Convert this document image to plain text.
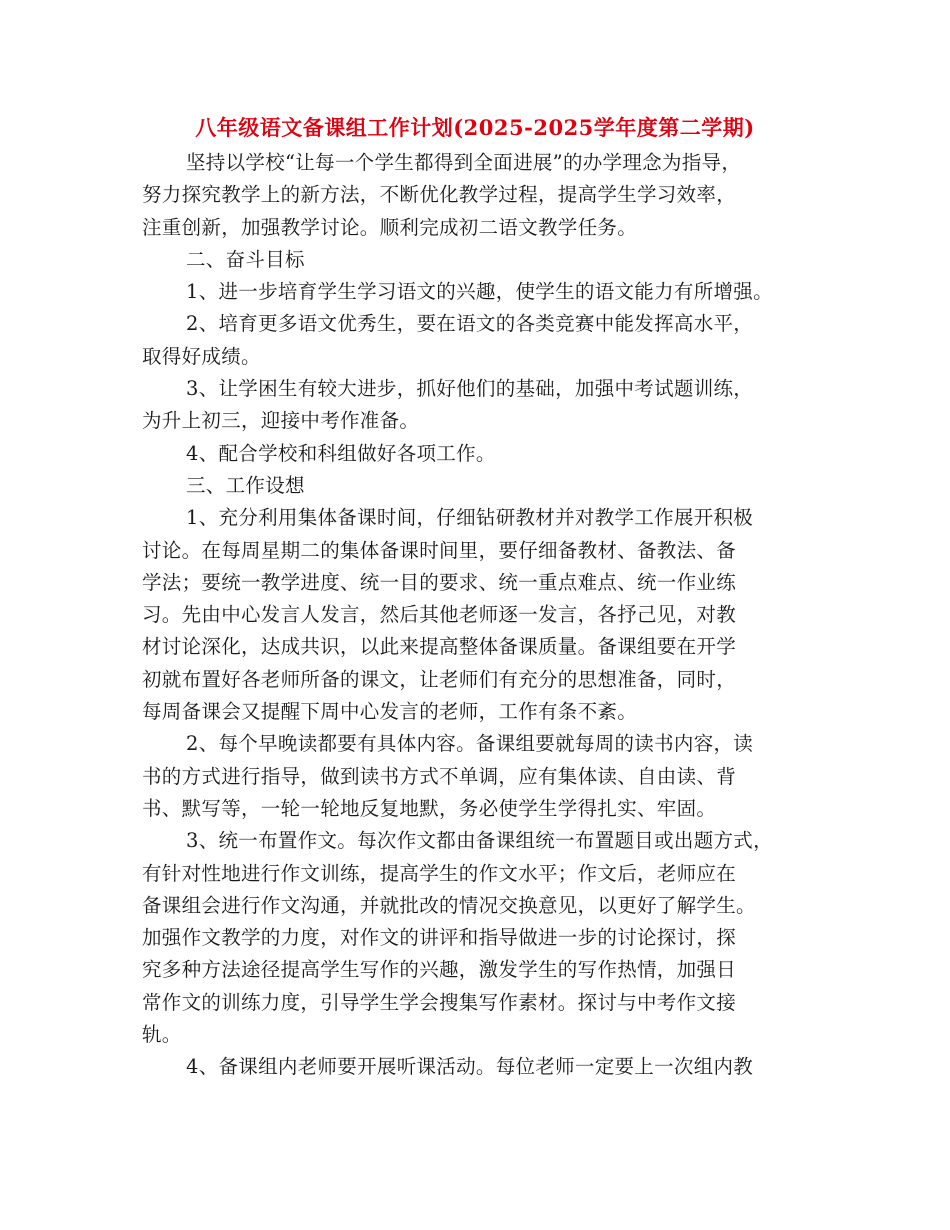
八年级语文备课组工作计划(2025-2025学年度第二学期)
坚持以学校“让每一个学生都得到全面进展”的办学理念为指导，
努力探究教学上的新方法，不断优化教学过程，提高学生学习效率，
注重创新，加强教学讨论。顺利完成初二语文教学任务。
二、奋斗目标
1、进一步培育学生学习语文的兴趣，使学生的语文能力有所增强。
2、培育更多语文优秀生，要在语文的各类竞赛中能发挥高水平，
取得好成绩。
3、让学困生有较大进步，抓好他们的基础，加强中考试题训练，
为升上初三，迎接中考作准备。
4、配合学校和科组做好各项工作。
三、工作设想
1、充分利用集体备课时间，仔细钻研教材并对教学工作展开积极
讨论。在每周星期二的集体备课时间里，要仔细备教材、备教法、备
学法；要统一教学进度、统一目的要求、统一重点难点、统一作业练
习。先由中心发言人发言，然后其他老师逐一发言，各抒己见，对教
材讨论深化，达成共识，以此来提高整体备课质量。备课组要在开学
初就布置好各老师所备的课文，让老师们有充分的思想准备，同时，
每周备课会又提醒下周中心发言的老师，工作有条不紊。
2、每个早晚读都要有具体内容。备课组要就每周的读书内容，读
书的方式进行指导，做到读书方式不单调，应有集体读、自由读、背
书、默写等，一轮一轮地反复地默，务必使学生学得扎实、牢固。
3、统一布置作文。每次作文都由备课组统一布置题目或出题方式，
有针对性地进行作文训练，提高学生的作文水平；作文后，老师应在
备课组会进行作文沟通，并就批改的情况交换意见，以更好了解学生。
加强作文教学的力度，对作文的讲评和指导做进一步的讨论探讨，探
究多种方法途径提高学生写作的兴趣，激发学生的写作热情，加强日
常作文的训练力度，引导学生学会搜集写作素材。探讨与中考作文接
轨。
4、备课组内老师要开展听课活动。每位老师一定要上一次组内教
